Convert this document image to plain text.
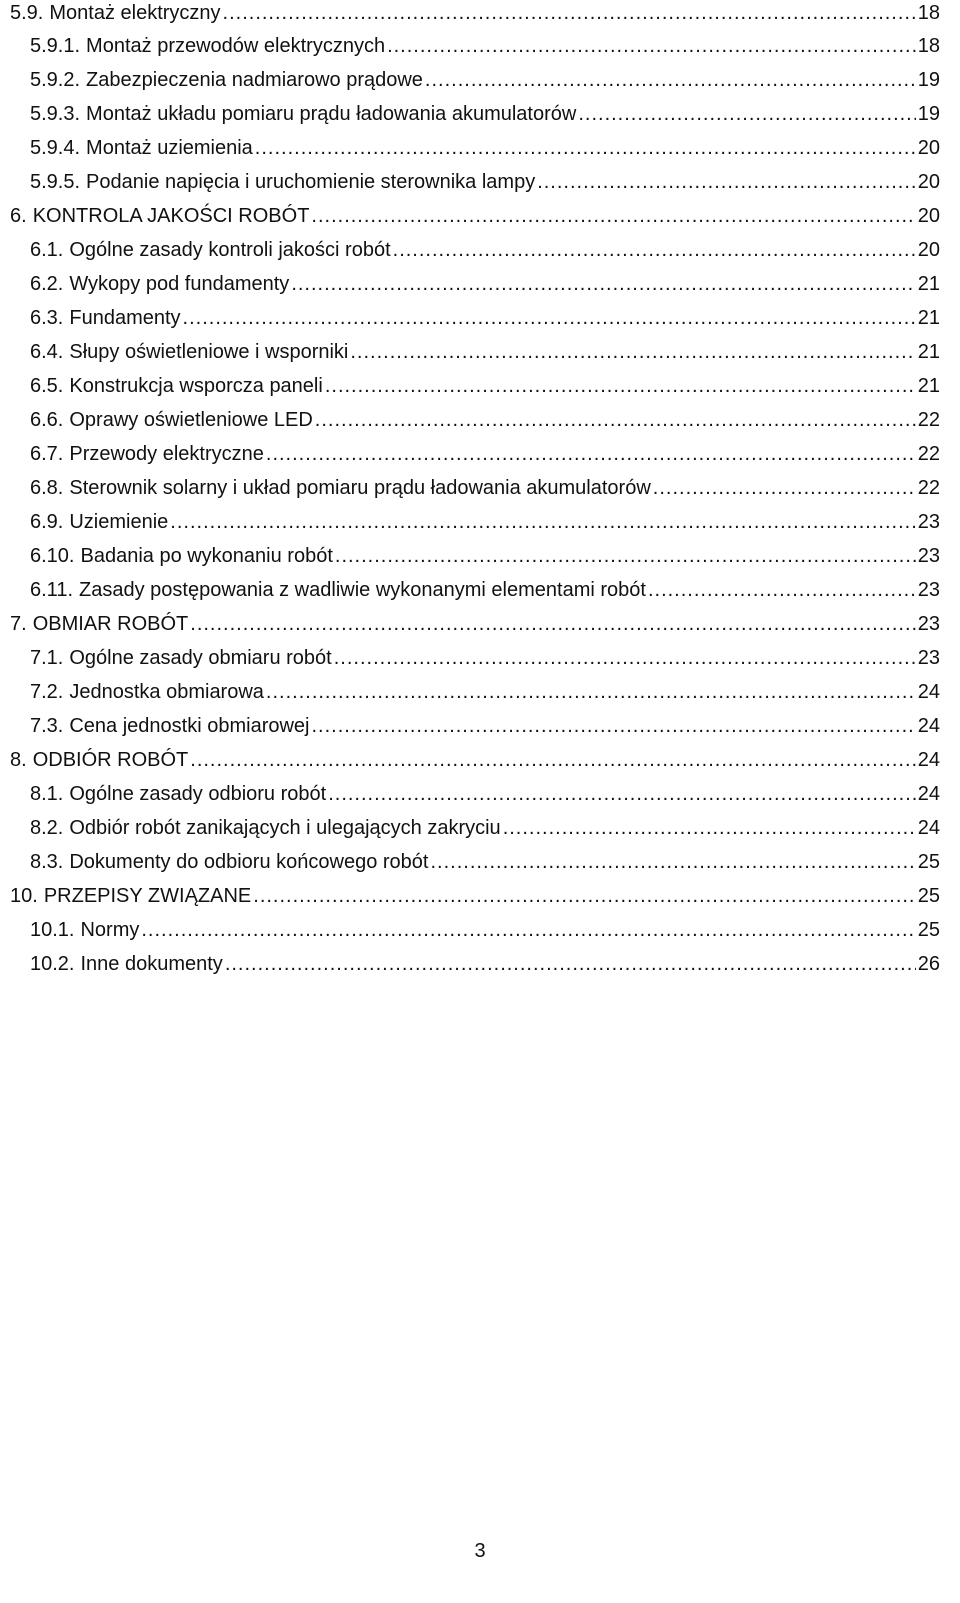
5.9. Montaż elektryczny .....	18
5.9.1. Montaż przewodów elektrycznych .....	18
5.9.2. Zabezpieczenia nadmiarowo prądowe .....	19
5.9.3. Montaż układu pomiaru prądu ładowania akumulatorów .....	19
5.9.4. Montaż uziemienia .....	20
5.9.5. Podanie napięcia i uruchomienie sterownika lampy .....	20
6. KONTROLA JAKOŚCI ROBÓT .....	20
6.1. Ogólne zasady kontroli jakości robót .....	20
6.2. Wykopy pod fundamenty .....	21
6.3. Fundamenty .....	21
6.4. Słupy oświetleniowe i wsporniki .....	21
6.5. Konstrukcja wsporcza paneli .....	21
6.6. Oprawy oświetleniowe LED .....	22
6.7. Przewody elektryczne .....	22
6.8. Sterownik solarny i układ pomiaru prądu ładowania akumulatorów .....	22
6.9. Uziemienie .....	23
6.10. Badania po wykonaniu robót .....	23
6.11. Zasady postępowania z wadliwie wykonanymi elementami robót .....	23
7. OBMIAR ROBÓT .....	23
7.1. Ogólne zasady obmiaru robót .....	23
7.2. Jednostka obmiarowa .....	24
7.3. Cena jednostki obmiarowej .....	24
8. ODBIÓR ROBÓT .....	24
8.1. Ogólne zasady odbioru robót .....	24
8.2. Odbiór robót zanikających i ulegających zakryciu .....	24
8.3. Dokumenty do odbioru końcowego robót .....	25
10. PRZEPISY ZWIĄZANE .....	25
10.1. Normy .....	25
10.2. Inne dokumenty .....	26
3
